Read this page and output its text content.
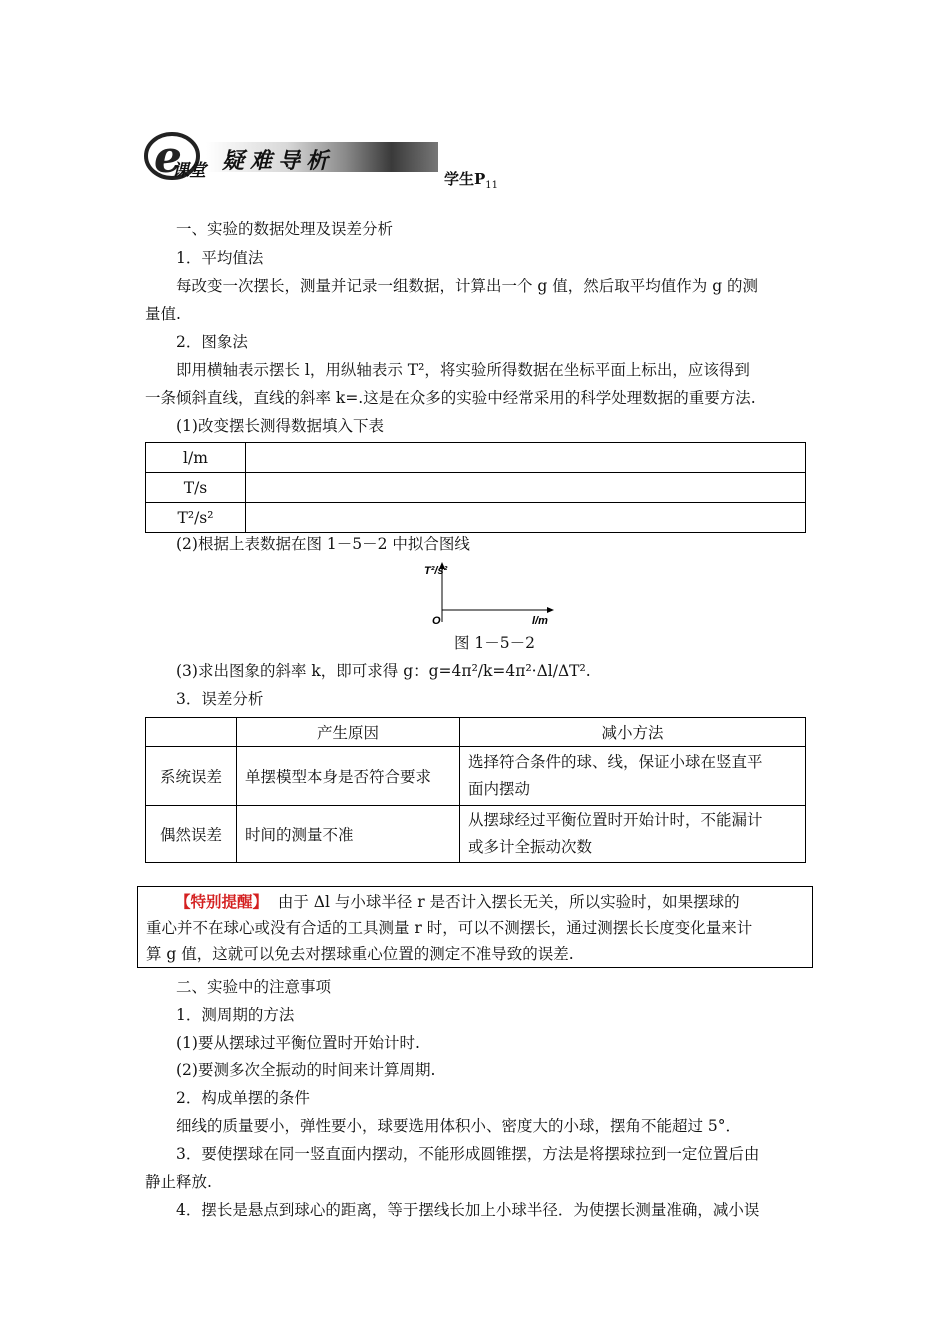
e
课堂 疑难导析
学生$P_{11}$
一、实验的数据处理及误差分析
1．平均值法
每改变一次摆长，测量并记录一组数据，计算出一个 g 值，然后取平均值作为 g 的测
量值.
2．图象法
即用横轴表示摆长 l，用纵轴表示 T²，将实验所得数据在坐标平面上标出，应该得到
一条倾斜直线，直线的斜率 k=.这是在众多的实验中经常采用的科学处理数据的重要方法.
(1)改变摆长测得数据填入下表
l/m	
T/s	
T²/s²	
(2)根据上表数据在图 1－5－2 中拟合图线
T²/s²
O	l/m
图 1－5－2
(3)求出图象的斜率 k，即可求得 g：g=4π²/k=4π²·Δl/ΔT².
3．误差分析
	产生原因	减小方法
系统误差	单摆模型本身是否符合要求	选择符合条件的球、线，保证小球在竖直平
面内摆动

偶然误差	时间的测量不准	从摆球经过平衡位置时开始计时，不能漏计
或多计全振动次数
【特别提醒】 由于 Δl 与小球半径 r 是否计入摆长无关，所以实验时，如果摆球的
重心并不在球心或没有合适的工具测量 r 时，可以不测摆长，通过测摆长长度变化量来计
算 g 值，这就可以免去对摆球重心位置的测定不准导致的误差.
二、实验中的注意事项
1．测周期的方法
(1)要从摆球过平衡位置时开始计时.
(2)要测多次全振动的时间来计算周期.
2．构成单摆的条件
细线的质量要小，弹性要小，球要选用体积小、密度大的小球，摆角不能超过 5°．
3．要使摆球在同一竖直面内摆动，不能形成圆锥摆，方法是将摆球拉到一定位置后由
静止释放.
4．摆长是悬点到球心的距离，等于摆线长加上小球半径．为使摆长测量准确，减小误
